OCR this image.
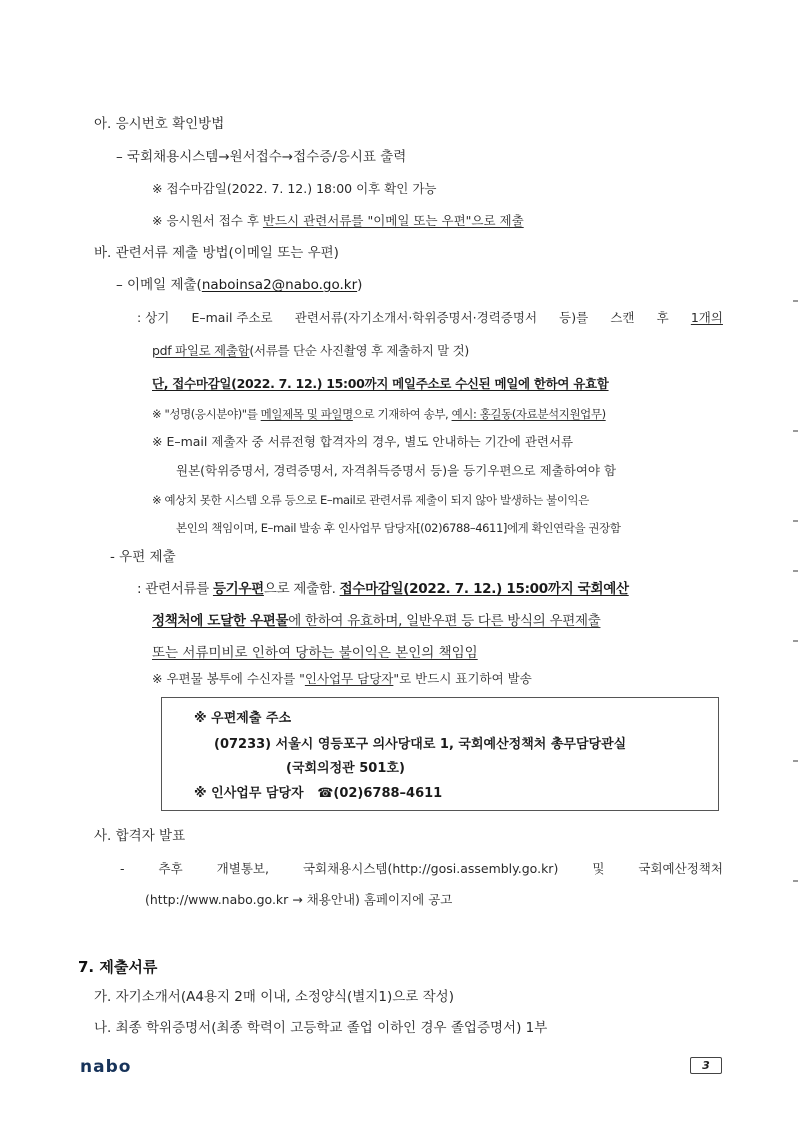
아. 응시번호 확인방법
– 국회채용시스템→원서접수→접수증/응시표 출력
※ 접수마감일(2022. 7. 12.) 18:00 이후 확인 가능
※ 응시원서 접수 후 반드시 관련서류를 "이메일 또는 우편"으로 제출
바. 관련서류 제출 방법(이메일 또는 우편)
– 이메일 제출(naboinsa2@nabo.go.kr)
: 상기 E–mail 주소로 관련서류(자기소개서·학위증명서·경력증명서 등)를 스캔 후 1개의
pdf 파일로 제출함(서류를 단순 사진촬영 후 제출하지 말 것)
단, 접수마감일(2022. 7. 12.) 15:00까지 메일주소로 수신된 메일에 한하여 유효함
※ "성명(응시분야)"를 메일제목 및 파일명으로 기재하여 송부, 예시: 홍길동(자료분석지원업무)
※ E–mail 제출자 중 서류전형 합격자의 경우, 별도 안내하는 기간에 관련서류
원본(학위증명서, 경력증명서, 자격취득증명서 등)을 등기우편으로 제출하여야 함
※ 예상치 못한 시스템 오류 등으로 E–mail로 관련서류 제출이 되지 않아 발생하는 불이익은
본인의 책임이며, E–mail 발송 후 인사업무 담당자[(02)6788–4611]에게 확인연락을 권장함
- 우편 제출
: 관련서류를 등기우편으로 제출함. 접수마감일(2022. 7. 12.) 15:00까지 국회예산
정책처에 도달한 우편물에 한하여 유효하며, 일반우편 등 다른 방식의 우편제출
또는 서류미비로 인하여 당하는 불이익은 본인의 책임임
※ 우편물 봉투에 수신자를 "인사업무 담당자"로 반드시 표기하여 발송
※ 우편제출 주소
(07233) 서울시 영등포구 의사당대로 1, 국회예산정책처 총무담당관실
(국회의정관 501호)
※ 인사업무 담당자 ☎(02)6788–4611
사. 합격자 발표
-	추후	개별통보,	국회채용시스템(http://gosi.assembly.go.kr)	및	국회예산정책처
(http://www.nabo.go.kr → 채용안내) 홈페이지에 공고
7. 제출서류
가. 자기소개서(A4용지 2매 이내, 소정양식(별지1)으로 작성)
나. 최종 학위증명서(최종 학력이 고등학교 졸업 이하인 경우 졸업증명서) 1부
nabo	3
